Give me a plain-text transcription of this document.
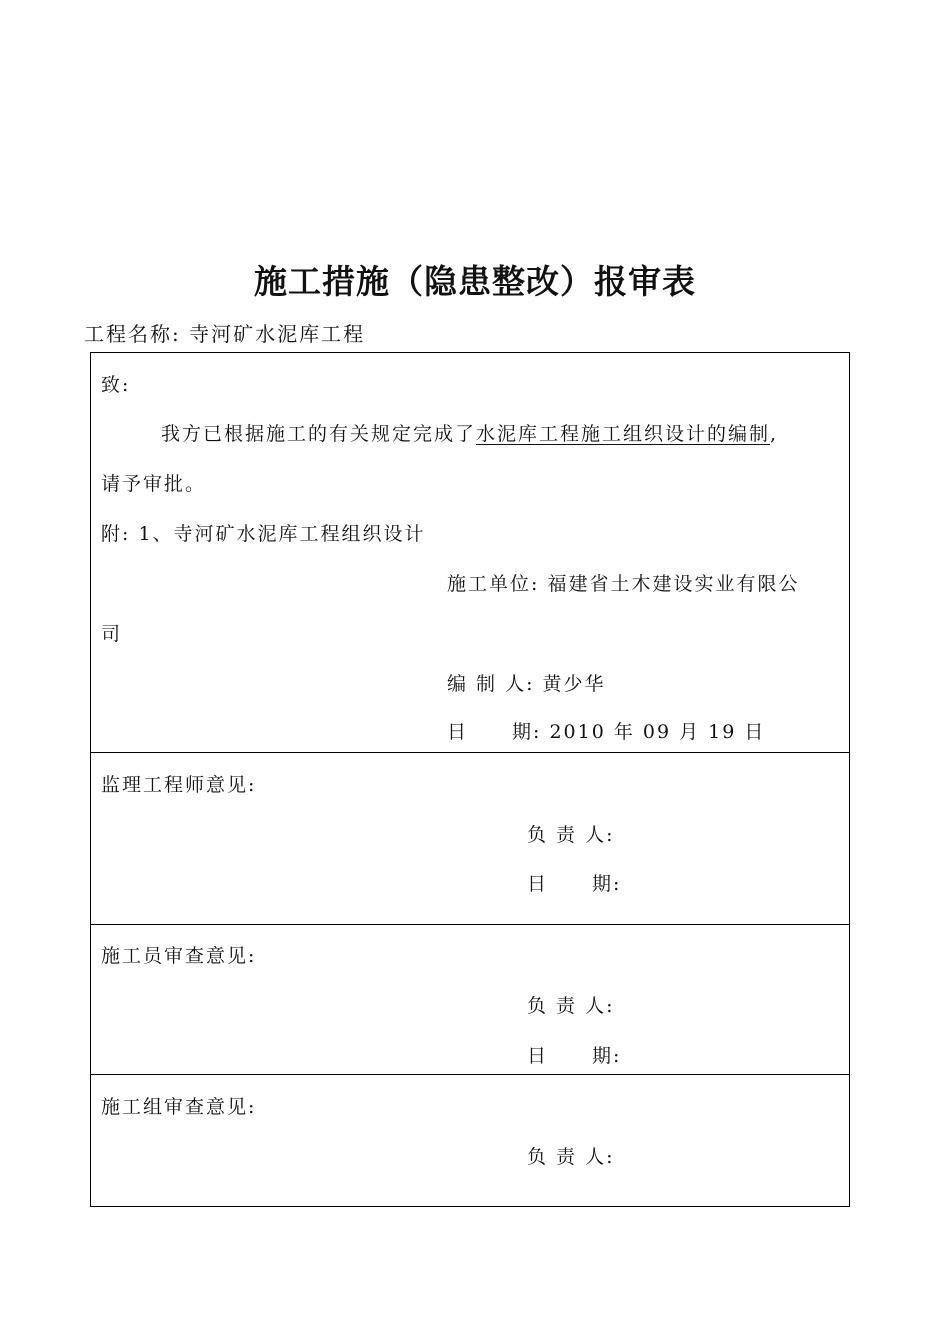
施工措施（隐患整改）报审表
工程名称: 寺河矿水泥库工程
致:
我方已根据施工的有关规定完成了水泥库工程施工组织设计的编制,
请予审批。
附: 1、寺河矿水泥库工程组织设计
施工单位: 福建省土木建设实业有限公
司
编 制 人: 黄少华
日 期: 2010 年 09 月 19 日
监理工程师意见:
负 责 人:
日 期:
施工员审查意见:
负 责 人:
日 期:
施工组审查意见:
负 责 人:
